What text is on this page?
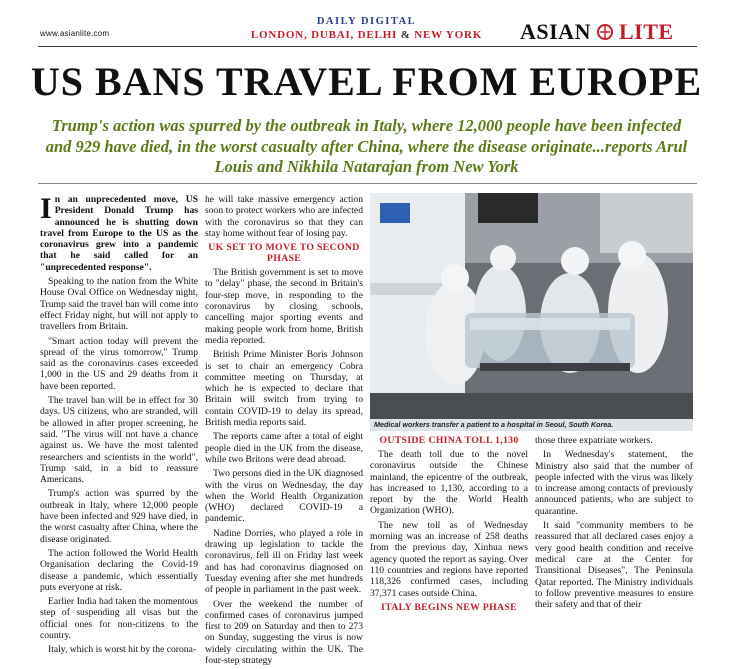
www.asianlite.com
DAILY DIGITAL
LONDON, DUBAI, DELHI & NEW YORK	ASIAN LITE
US BANS TRAVEL FROM EUROPE
Trump's action was spurred by the outbreak in Italy, where 12,000 people have been infected and 929 have died, in the worst casualty after China, where the disease originate...reports Arul Louis and Nikhila Natarajan from New York

In an unprecedented move, US President Donald Trump has announced he is shutting down travel from Europe to the US as the coronavirus grew into a pandemic that he said called for an "unprecedented response".

Speaking to the nation from the White House Oval Office on Wednesday night, Trump said the travel ban will come into effect Friday night, but will not apply to travellers from Britain.

"Smart action today will prevent the spread of the virus tomorrow," Trump said as the coronavirus cases exceeded 1,000 in the US and 29 deaths from it have been reported.

The travel ban will be in effect for 30 days. US citizens, who are stranded, will be allowed in after proper screening, he said. "The virus will not have a chance against us. We have the most talented researchers and scientists in the world", Trump said, in a bid to reassure Americans.

Trump's action was spurred by the outbreak in Italy, where 12,000 people have been infected and 929 have died, in the worst casualty after China, where the disease originated.

The action followed the World Health Organisation declaring the Covid-19 disease a pandemic, which essentially puts everyone at risk.

Earlier India had taken the momentous step of suspending all visas but the official ones for non-citizens to the country.

Italy, which is worst hit by the corona-

he will take massive emergency action soon to protect workers who are infected with the coronavirus so that they can stay home without fear of losing pay.

UK SET TO MOVE TO SECOND PHASE

The British government is set to move to "delay" phase, the second in Britain's four-step move, in responding to the coronavirus by closing schools, cancelling major sporting events and making people work from home, British media reported.

British Prime Minister Boris Johnson is set to chair an emergency Cobra committee meeting on Thursday, at which he is expected to declare that Britain will switch from trying to contain COVID-19 to delay its spread, British media reports said.

The reports came after a total of eight people died in the UK from the disease, while two Britons were dead abroad.

Two persons died in the UK diagnosed with the virus on Wednesday, the day when the World Health Organization (WHO) declared COVID-19 a pandemic.

Nadine Dorries, who played a role in drawing up legislation to tackle the coronavirus, fell ill on Friday last week and has had coronavirus diagnosed on Tuesday evening after she met hundreds of people in parliament in the past week.

Over the weekend the number of confirmed cases of coronavirus jumped first to 209 on Saturday and then to 273 on Sunday, suggesting the virus is now widely circulating within the UK. The four-step strategy

Medical workers transfer a patient to a hospital in Seoul, South Korea.

OUTSIDE CHINA TOLL 1,130

The death toll due to the novel coronavirus outside the Chinese mainland, the epicentre of the outbreak, has increased to 1,130, according to a report by the the World Health Organization (WHO).

The new toll as of Wednesday morning was an increase of 258 deaths from the previous day, Xinhua news agency quoted the report as saying. Over 110 countries and regions have reported 118,326 confirmed cases, including 37,371 cases outside China.

ITALY BEGINS NEW PHASE

those three expatriate workers.

In Wednesday's statement, the Ministry also said that the number of people infected with the virus was likely to increase among contacts of previously announced patients, who are subject to quarantine.

It said "community members to be reassured that all declared cases enjoy a very good health condition and receive medical care at the Center for Transitional Diseases", The Peninsula Qatar reported. The Ministry individuals to follow preventive measures to ensure their safety and that of their
